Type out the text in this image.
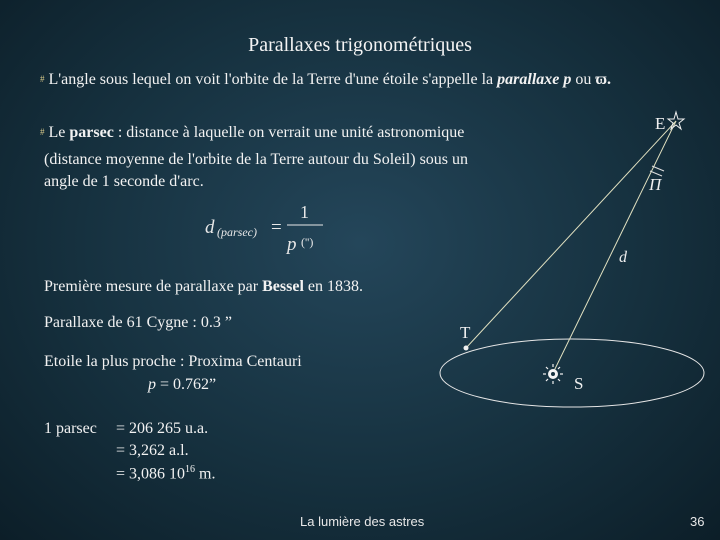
Parallaxes trigonométriques
# L'angle sous lequel on voit l'orbite de la Terre d'une étoile s'appelle la parallaxe p ou ϖ.
# Le parsec : distance à laquelle on verrait une unité astronomique
(distance moyenne de l'orbite de la Terre autour du Soleil) sous un
angle de 1 seconde d'arc.
d (parsec) =
1
p ('')
Première mesure de parallaxe par Bessel en 1838.
Parallaxe de 61 Cygne : 0.3 ”
Etoile la plus proche : Proxima Centauri
p = 0.762”
1 parsec = 206 265 u.a.
= 3,262 a.l.
= 3,086 $10^{16}$ m.
E
Π
d
T
S
La lumière des astres	36
